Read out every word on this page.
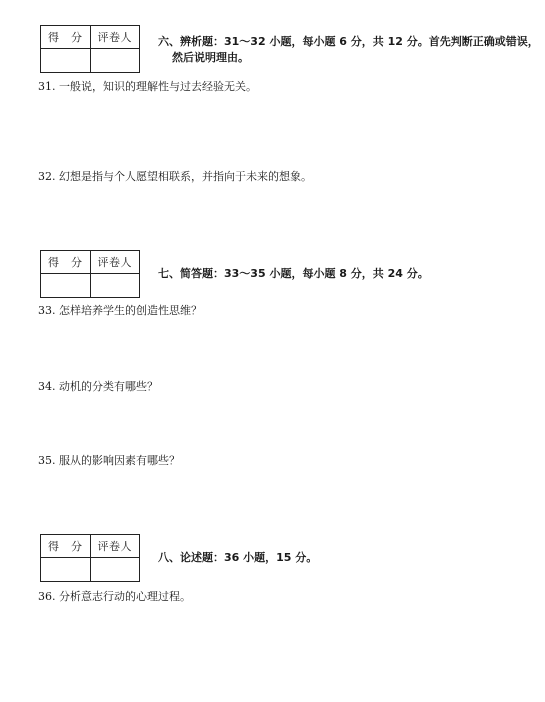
得　分	评卷人
	六、辨析题：31～32 小题，每小题 6 分，共 12 分。首先判断正确或错误，
然后说明理由。
31. 一般说，知识的理解性与过去经验无关。
32. 幻想是指与个人愿望相联系，并指向于未来的想象。
得　分	评卷人

七、简答题：33～35 小题，每小题 8 分，共 24 分。
33. 怎样培养学生的创造性思维？
34. 动机的分类有哪些？
35. 服从的影响因素有哪些？
得　分	评卷人

八、论述题：36 小题，15 分。
36. 分析意志行动的心理过程。
